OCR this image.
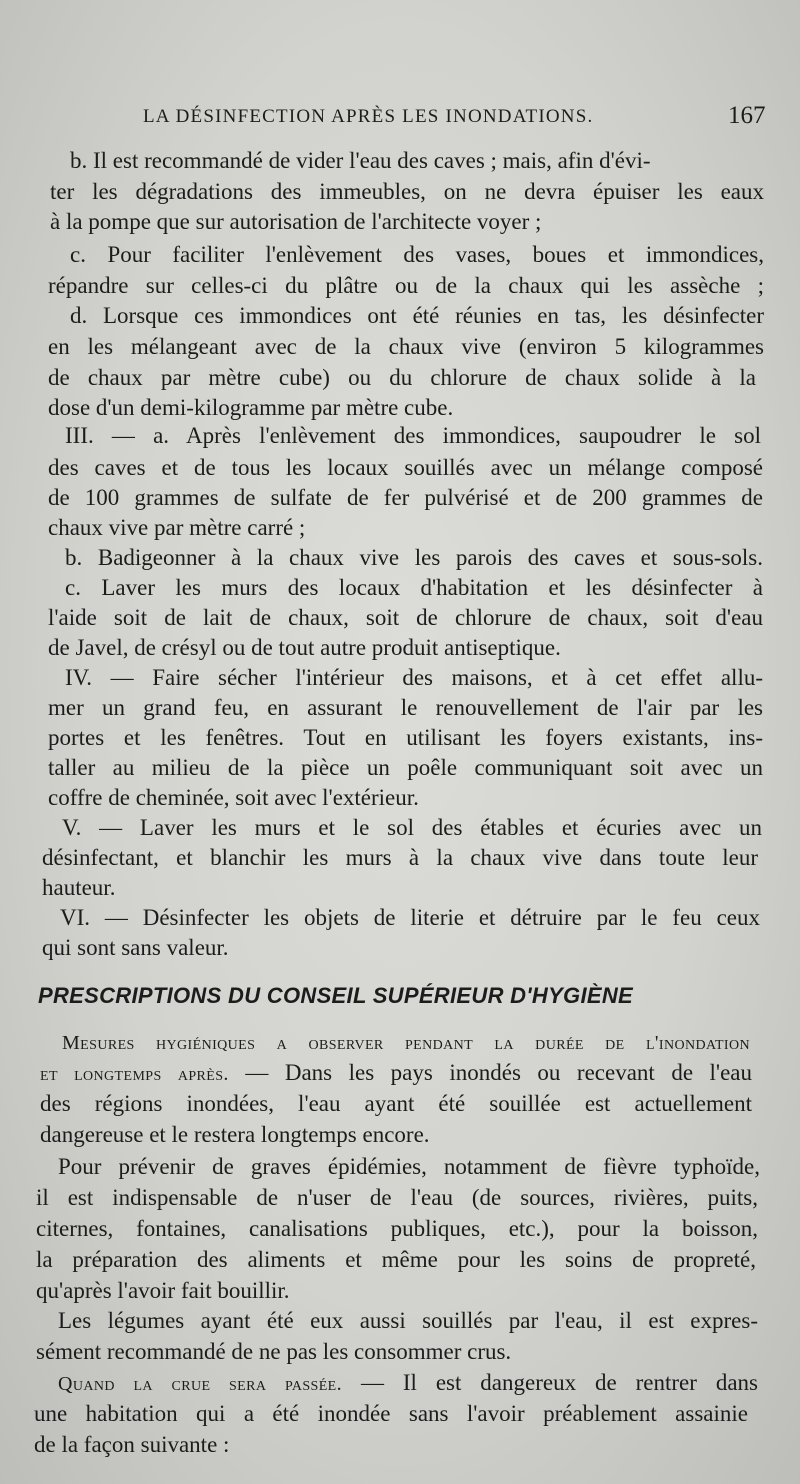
LA DÉSINFECTION APRÈS LES INONDATIONS.	167
b. Il est recommandé de vider l'eau des caves ; mais, afin d'évi-
ter les dégradations des immeubles, on ne devra épuiser les eaux
à la pompe que sur autorisation de l'architecte voyer ;
c. Pour faciliter l'enlèvement des vases, boues et immondices,
répandre sur celles-ci du plâtre ou de la chaux qui les assèche ;
d. Lorsque ces immondices ont été réunies en tas, les désinfecter
en les mélangeant avec de la chaux vive (environ 5 kilogrammes
de chaux par mètre cube) ou du chlorure de chaux solide à la
dose d'un demi-kilogramme par mètre cube.
III. — a. Après l'enlèvement des immondices, saupoudrer le sol
des caves et de tous les locaux souillés avec un mélange composé
de 100 grammes de sulfate de fer pulvérisé et de 200 grammes de
chaux vive par mètre carré ;
b. Badigeonner à la chaux vive les parois des caves et sous-sols.
c. Laver les murs des locaux d'habitation et les désinfecter à
l'aide soit de lait de chaux, soit de chlorure de chaux, soit d'eau
de Javel, de crésyl ou de tout autre produit antiseptique.
IV. — Faire sécher l'intérieur des maisons, et à cet effet allu-
mer un grand feu, en assurant le renouvellement de l'air par les
portes et les fenêtres. Tout en utilisant les foyers existants, ins-
taller au milieu de la pièce un poêle communiquant soit avec un
coffre de cheminée, soit avec l'extérieur.
V. — Laver les murs et le sol des étables et écuries avec un
désinfectant, et blanchir les murs à la chaux vive dans toute leur
hauteur.
VI. — Désinfecter les objets de literie et détruire par le feu ceux
qui sont sans valeur.
PRESCRIPTIONS DU CONSEIL SUPÉRIEUR D'HYGIÈNE
Mesures hygiéniques a observer pendant la durée de l'inondation
et longtemps après. — Dans les pays inondés ou recevant de l'eau
des régions inondées, l'eau ayant été souillée est actuellement
dangereuse et le restera longtemps encore.
Pour prévenir de graves épidémies, notamment de fièvre typhoïde,
il est indispensable de n'user de l'eau (de sources, rivières, puits,
citernes, fontaines, canalisations publiques, etc.), pour la boisson,
la préparation des aliments et même pour les soins de propreté,
qu'après l'avoir fait bouillir.
Les légumes ayant été eux aussi souillés par l'eau, il est expres-
sément recommandé de ne pas les consommer crus.
Quand la crue sera passée. — Il est dangereux de rentrer dans
une habitation qui a été inondée sans l'avoir préablement assainie
de la façon suivante :
